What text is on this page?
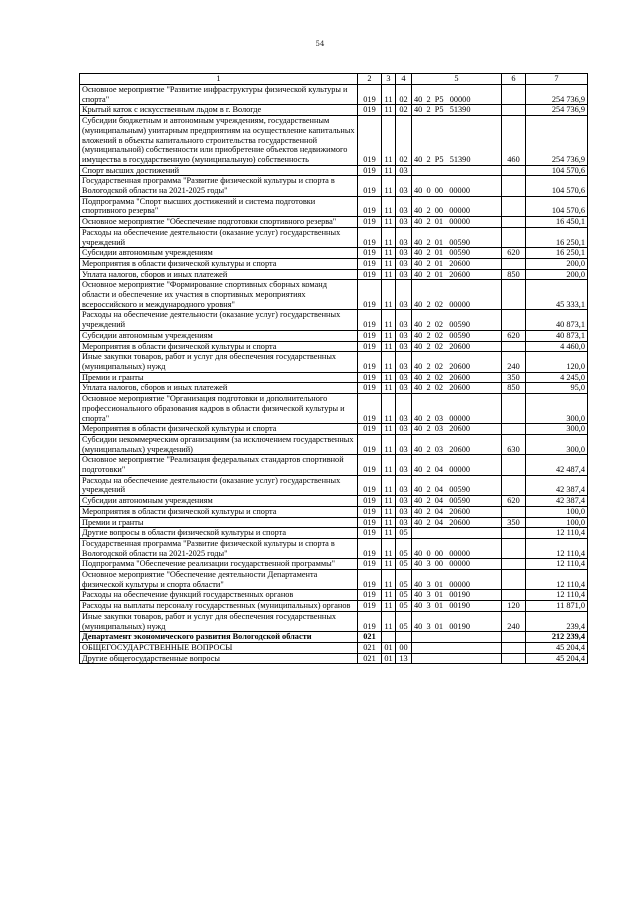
54
1	2	3	4	5	6	7
Основное мероприятие "Развитие инфраструктуры физической культуры и спорта"	019	11	02	40  2  Р5   00000		254 736,9
Крытый каток с искусственным льдом в г. Вологде	019	11	02	40  2  Р5   51390		254 736,9
Субсидии бюджетным и автономным учреждениям, государственным (муниципальным) унитарным предприятиям на осуществление капитальных вложений в объекты капитального строительства государственной (муниципальной) собственности или приобретение объектов недвижимого имущества в государственную (муниципальную) собственность	019	11	02	40  2  Р5   51390	460	254 736,9
Спорт высших достижений	019	11	03			104 570,6
Государственная программа "Развитие физической культуры и спорта в Вологодской области на 2021-2025 годы"	019	11	03	40  0  00   00000		104 570,6
Подпрограмма "Спорт высших достижений и система подготовки спортивного резерва"	019	11	03	40  2  00   00000		104 570,6
Основное мероприятие "Обеспечение подготовки спортивного резерва"	019	11	03	40  2  01   00000		16 450,1
Расходы на обеспечение деятельности (оказание услуг) государственных учреждений	019	11	03	40  2  01   00590		16 250,1
Субсидии автономным учреждениям	019	11	03	40  2  01   00590	620	16 250,1
Мероприятия в области физической культуры и спорта	019	11	03	40  2  01   20600		200,0
Уплата налогов, сборов и иных платежей	019	11	03	40  2  01   20600	850	200,0
Основное мероприятие "Формирование спортивных сборных команд области и обеспечение их участия в спортивных мероприятиях всероссийского и международного уровня"	019	11	03	40  2  02   00000		45 333,1
Расходы на обеспечение деятельности (оказание услуг) государственных учреждений	019	11	03	40  2  02   00590		40 873,1
Субсидии автономным учреждениям	019	11	03	40  2  02   00590	620	40 873,1
Мероприятия в области физической культуры и спорта	019	11	03	40  2  02   20600		4 460,0
Иные закупки товаров, работ и услуг для обеспечения государственных (муниципальных) нужд	019	11	03	40  2  02   20600	240	120,0
Премии и гранты	019	11	03	40  2  02   20600	350	4 245,0
Уплата налогов, сборов и иных платежей	019	11	03	40  2  02   20600	850	95,0
Основное мероприятие "Организация подготовки и дополнительного профессионального образования кадров в области физической культуры и спорта"	019	11	03	40  2  03   00000		300,0
Мероприятия в области физической культуры и спорта	019	11	03	40  2  03   20600		300,0
Субсидии некоммерческим организациям (за исключением государственных (муниципальных) учреждений)	019	11	03	40  2  03   20600	630	300,0
Основное мероприятие "Реализация федеральных стандартов спортивной подготовки"	019	11	03	40  2  04   00000		42 487,4
Расходы на обеспечение деятельности (оказание услуг) государственных учреждений	019	11	03	40  2  04   00590		42 387,4
Субсидии автономным учреждениям	019	11	03	40  2  04   00590	620	42 387,4
Мероприятия в области физической культуры и спорта	019	11	03	40  2  04   20600		100,0
Премии и гранты	019	11	03	40  2  04   20600	350	100,0
Другие вопросы в области физической культуры и спорта	019	11	05			12 110,4
Государственная программа "Развитие физической культуры и спорта в Вологодской области на 2021-2025 годы"	019	11	05	40  0  00   00000		12 110,4
Подпрограмма "Обеспечение реализации государственной программы"	019	11	05	40  3  00   00000		12 110,4
Основное мероприятие "Обеспечение деятельности Департамента физической культуры и спорта области"	019	11	05	40  3  01   00000		12 110,4
Расходы на обеспечение функций государственных органов	019	11	05	40  3  01   00190		12 110,4
Расходы на выплаты персоналу государственных (муниципальных) органов	019	11	05	40  3  01   00190	120	11 871,0
Иные закупки товаров, работ и услуг для обеспечения государственных (муниципальных) нужд	019	11	05	40  3  01   00190	240	239,4
Департамент экономического развития Вологодской области	021					212 239,4
ОБЩЕГОСУДАРСТВЕННЫЕ ВОПРОСЫ	021	01	00			45 204,4
Другие общегосударственные вопросы	021	01	13			45 204,4
